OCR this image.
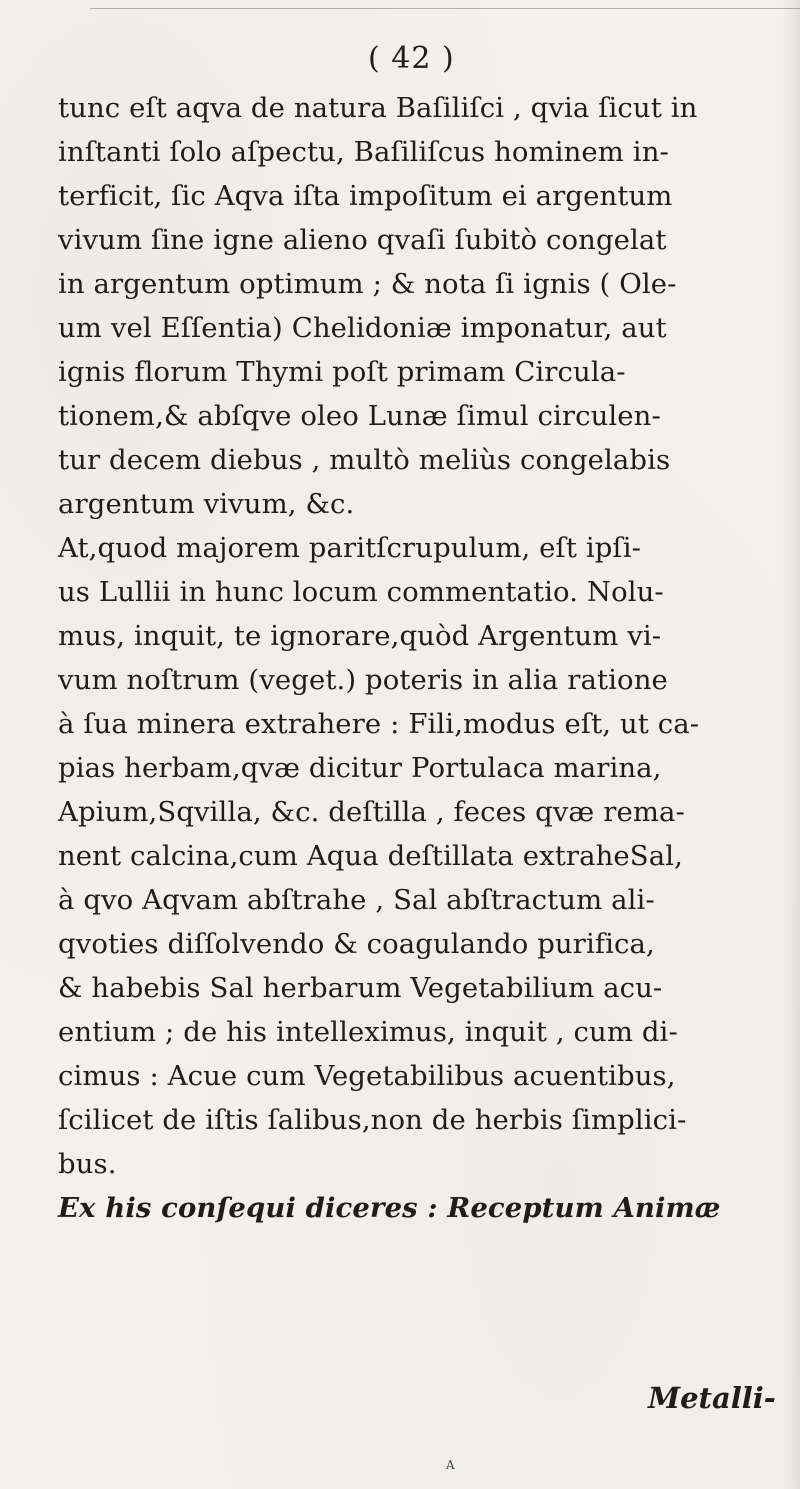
( 42 )
tunc eſt aqva de natura Baſiliſci , qvia ſicut in
inſtanti ſolo aſpectu, Baſiliſcus hominem in-
terficit, ſic Aqva iſta impoſitum ei argentum
vivum ſine igne alieno qvaſi ſubitò congelat
in argentum optimum ; & nota ſi ignis ( Ole-
um vel Eſſentia) Chelidoniæ imponatur, aut
ignis florum Thymi poſt primam Circula-
tionem,& abſqve oleo Lunæ ſimul circulen-
tur decem diebus , multò meliùs congelabis
argentum vivum, &c.
At,quod majorem paritſcrupulum, eſt ipſi-
us Lullii in hunc locum commentatio. Nolu-
mus, inquit, te ignorare,quòd Argentum vi-
vum noſtrum (veget.) poteris in alia ratione
à ſua minera extrahere : Fili,modus eſt, ut ca-
pias herbam,qvæ dicitur Portulaca marina,
Apium,Sqvilla, &c. deſtilla , feces qvæ rema-
nent calcina,cum Aqua deſtillata extraheSal,
à qvo Aqvam abſtrahe , Sal abſtractum ali-
qvoties diſſolvendo & coagulando purifica,
& habebis Sal herbarum Vegetabilium acu-
entium ; de his intelleximus, inquit , cum di-
cimus : Acue cum Vegetabilibus acuentibus,
ſcilicet de iſtis ſalibus,non de herbis ſimplici-
bus.
Ex his conſequi diceres : Receptum Animæ
Metalli-
A
